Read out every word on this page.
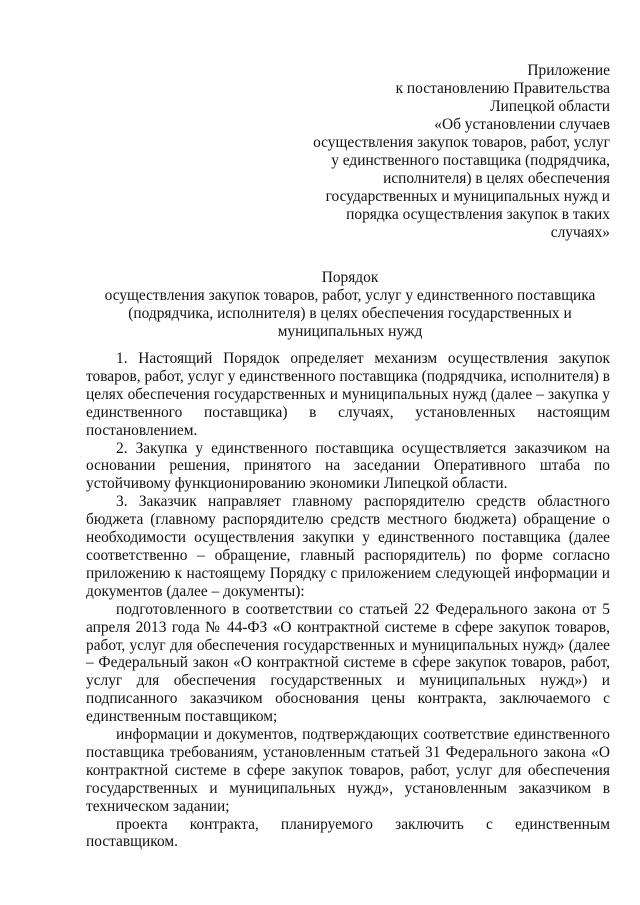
Приложение
к постановлению Правительства
Липецкой области
«Об установлении случаев
осуществления закупок товаров, работ, услуг
у единственного поставщика (подрядчика,
исполнителя) в целях обеспечения
государственных и муниципальных нужд и
порядка осуществления закупок в таких
случаях»
Порядок
осуществления закупок товаров, работ, услуг у единственного поставщика
(подрядчика, исполнителя) в целях обеспечения государственных и
муниципальных нужд

1. Настоящий Порядок определяет механизм осуществления закупок товаров, работ, услуг у единственного поставщика (подрядчика, исполнителя) в целях обеспечения государственных и муниципальных нужд (далее – закупка у единственного поставщика) в случаях, установленных настоящим постановлением.

2. Закупка у единственного поставщика осуществляется заказчиком на основании решения, принятого на заседании Оперативного штаба по устойчивому функционированию экономики Липецкой области.

3. Заказчик направляет главному распорядителю средств областного бюджета (главному распорядителю средств местного бюджета) обращение о необходимости осуществления закупки у единственного поставщика (далее соответственно – обращение, главный распорядитель) по форме согласно приложению к настоящему Порядку с приложением следующей информации и документов (далее – документы):

подготовленного в соответствии со статьей 22 Федерального закона от 5 апреля 2013 года № 44-ФЗ «О контрактной системе в сфере закупок товаров, работ, услуг для обеспечения государственных и муниципальных нужд» (далее – Федеральный закон «О контрактной системе в сфере закупок товаров, работ, услуг для обеспечения государственных и муниципальных нужд») и подписанного заказчиком обоснования цены контракта, заключаемого с единственным поставщиком;

информации и документов, подтверждающих соответствие единственного поставщика требованиям, установленным статьей 31 Федерального закона «О контрактной системе в сфере закупок товаров, работ, услуг для обеспечения государственных и муниципальных нужд», установленным заказчиком в техническом задании;

проекта контракта, планируемого заключить с единственным поставщиком.
